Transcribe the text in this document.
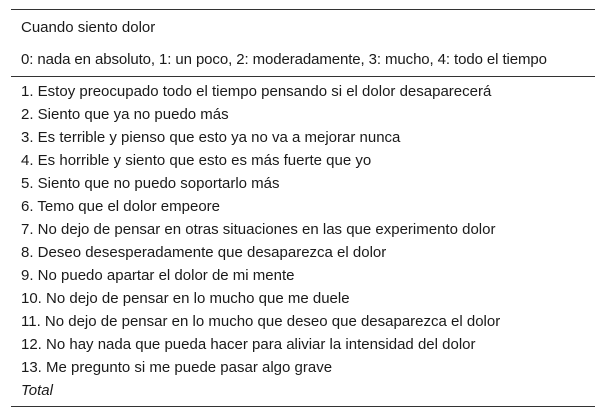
Cuando siento dolor
0: nada en absoluto, 1: un poco, 2: moderadamente, 3: mucho, 4: todo el tiempo
1. Estoy preocupado todo el tiempo pensando si el dolor desaparecerá
2. Siento que ya no puedo más
3. Es terrible y pienso que esto ya no va a mejorar nunca
4. Es horrible y siento que esto es más fuerte que yo
5. Siento que no puedo soportarlo más
6. Temo que el dolor empeore
7. No dejo de pensar en otras situaciones en las que experimento dolor
8. Deseo desesperadamente que desaparezca el dolor
9. No puedo apartar el dolor de mi mente
10. No dejo de pensar en lo mucho que me duele
11. No dejo de pensar en lo mucho que deseo que desaparezca el dolor
12. No hay nada que pueda hacer para aliviar la intensidad del dolor
13. Me pregunto si me puede pasar algo grave
Total
